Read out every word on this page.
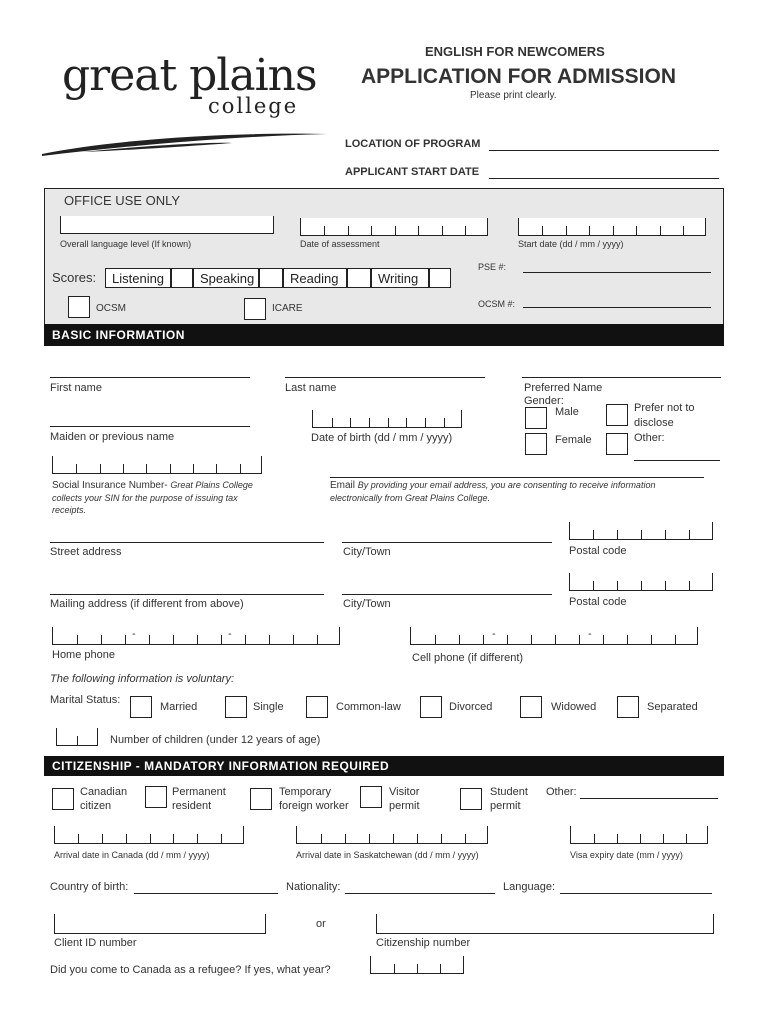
great plains
college
ENGLISH FOR NEWCOMERS
APPLICATION FOR ADMISSION
Please print clearly.
LOCATION OF PROGRAM
APPLICANT START DATE
OFFICE USE ONLY
Overall language level (If known)	Date of assessment	Start date (dd / mm / yyyy)
Scores:	Listening	Speaking	Reading	Writing
PSE #:
OCSM #:
OCSM	ICARE
BASIC INFORMATION
First name	Last name	Preferred Name
Gender:
Male	Prefer not to
disclose
Female	Other:
Maiden or previous name	Date of birth (dd / mm / yyyy)
Social Insurance Number- Great Plains College
collects your SIN for the purpose of issuing tax
receipts.
Email By providing your email address, you are consenting to receive information
electronically from Great Plains College.
Street address	City/Town	Postal code
Mailing address (if different from above)	City/Town	Postal code
-	-
Home phone
-	-
Cell phone (if different)
The following information is voluntary:
Marital Status:
Married	Single	Common-law	Divorced	Widowed	Separated
Number of children (under 12 years of age)
CITIZENSHIP - MANDATORY INFORMATION REQUIRED
Canadian
citizen
Permanent
resident
Temporary
foreign worker
Visitor
permit
Student
permit
Other:
Arrival date in Canada (dd / mm / yyyy)	Arrival date in Saskatchewan (dd / mm / yyyy)	Visa expiry date (mm / yyyy)
Country of birth:	Nationality:	Language:
Client ID number
or
Citizenship number
Did you come to Canada as a refugee? If yes, what year?
